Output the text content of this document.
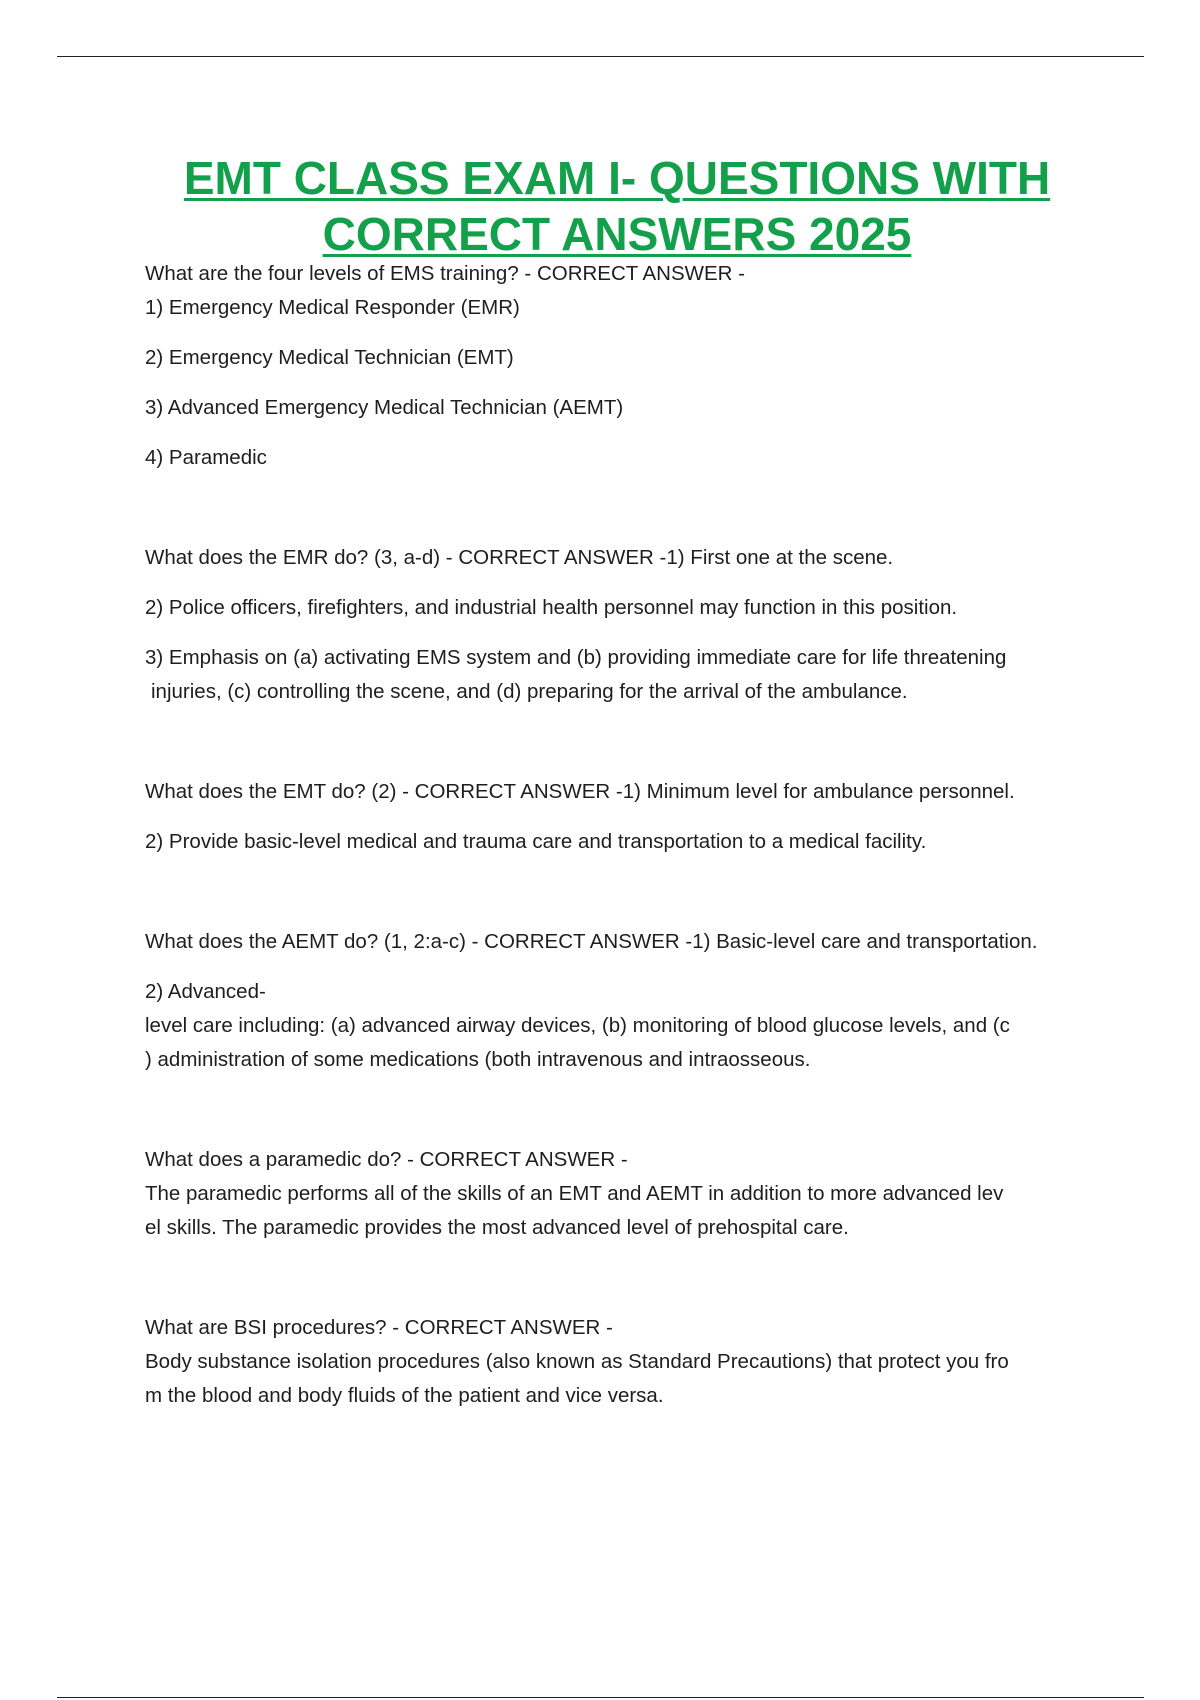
EMT CLASS EXAM I- QUESTIONS WITH
CORRECT ANSWERS 2025
What are the four levels of EMS training? - CORRECT ANSWER -
1) Emergency Medical Responder (EMR)
2) Emergency Medical Technician (EMT)
3) Advanced Emergency Medical Technician (AEMT)
4) Paramedic
What does the EMR do? (3, a-d) - CORRECT ANSWER -1) First one at the scene.
2) Police officers, firefighters, and industrial health personnel may function in this position.
3) Emphasis on (a) activating EMS system and (b) providing immediate care for life threatening
injuries, (c) controlling the scene, and (d) preparing for the arrival of the ambulance.
What does the EMT do? (2) - CORRECT ANSWER -1) Minimum level for ambulance personnel.
2) Provide basic-level medical and trauma care and transportation to a medical facility.
What does the AEMT do? (1, 2:a-c) - CORRECT ANSWER -1) Basic-level care and transportation.
2) Advanced-
level care including: (a) advanced airway devices, (b) monitoring of blood glucose levels, and (c
) administration of some medications (both intravenous and intraosseous.
What does a paramedic do? - CORRECT ANSWER -
The paramedic performs all of the skills of an EMT and AEMT in addition to more advanced lev
el skills. The paramedic provides the most advanced level of prehospital care.
What are BSI procedures? - CORRECT ANSWER -
Body substance isolation procedures (also known as Standard Precautions) that protect you fro
m the blood and body fluids of the patient and vice versa.
